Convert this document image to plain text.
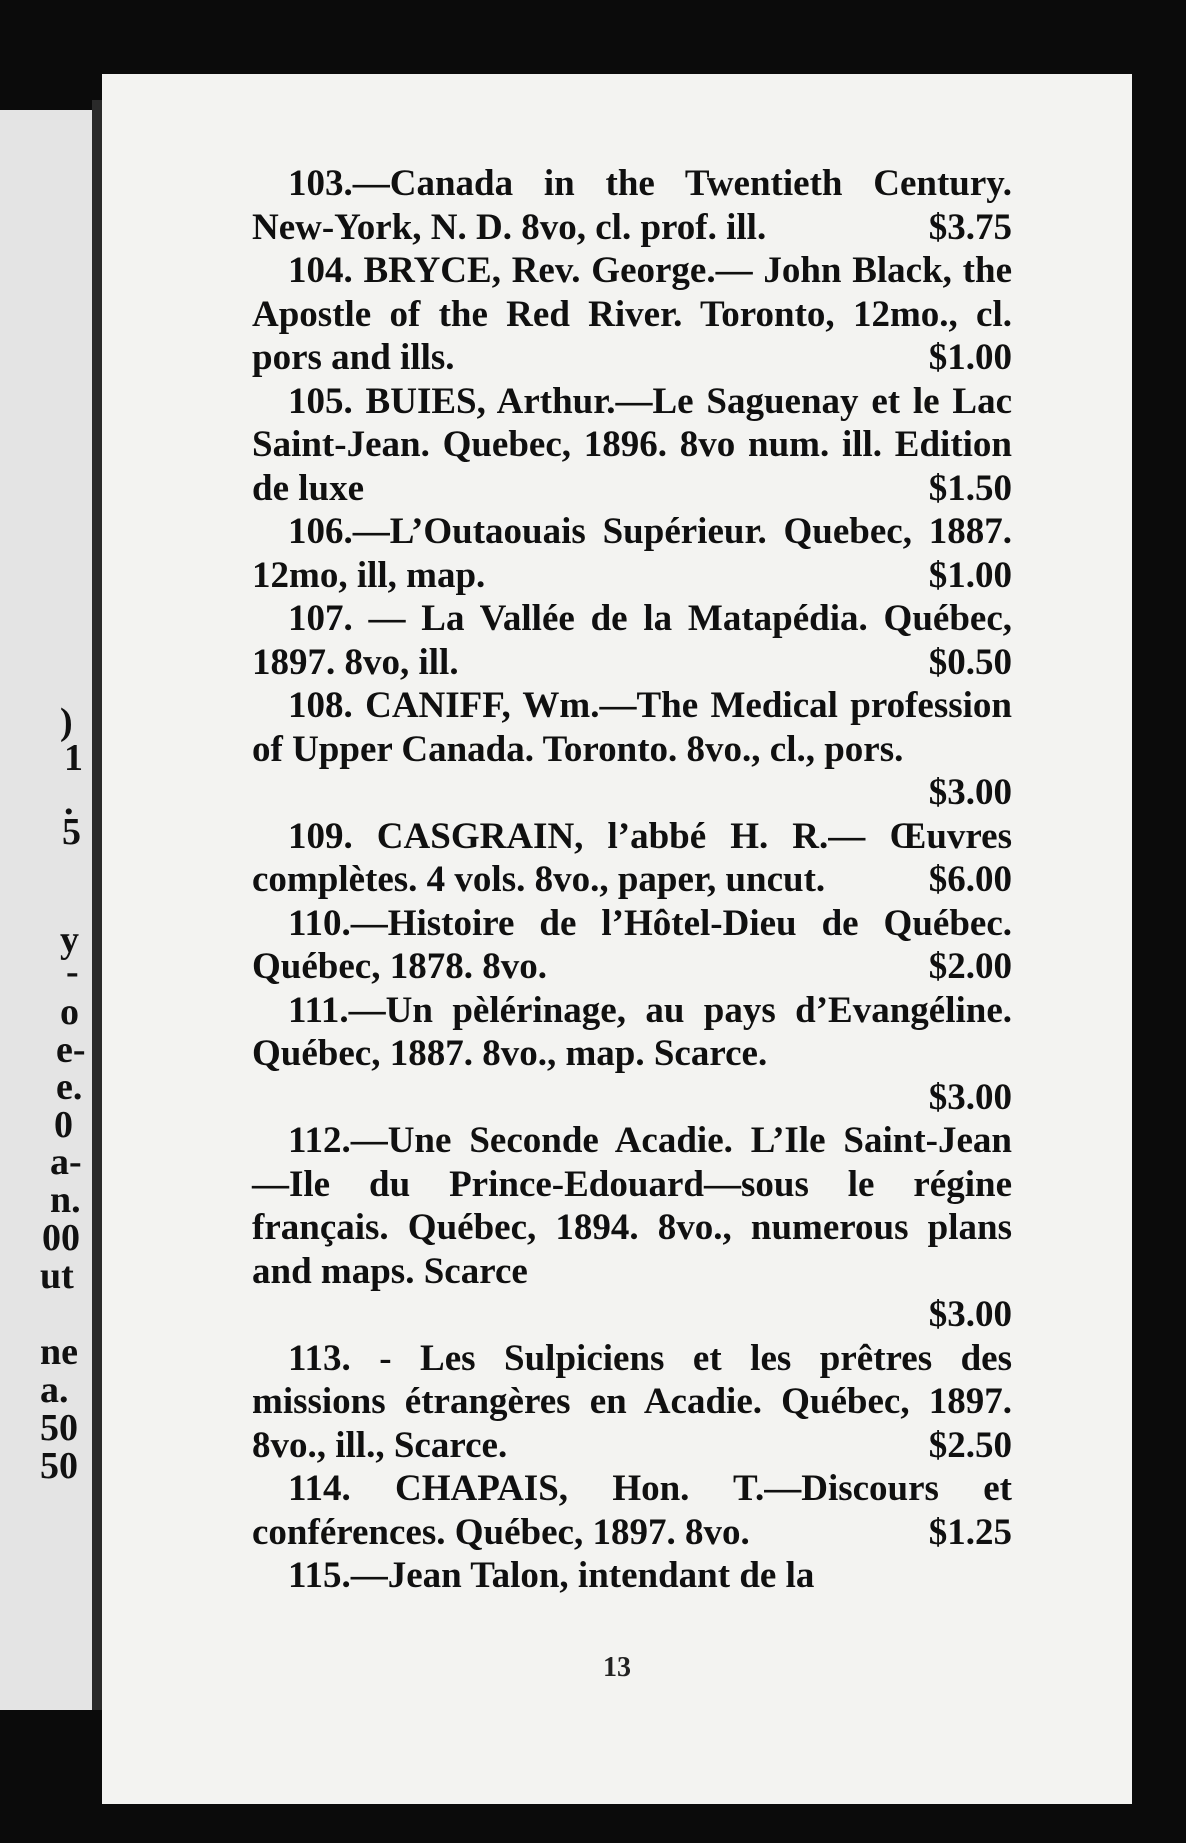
)
1
.
5
y
-
o
e-
e.
0
a-
n.
00
ut
ne
a.
50
50

103.—Canada in the Twentieth Century. New-York, N. D. 8vo, cl. prof. ill.	$3.75

104. BRYCE, Rev. George.— John Black, the Apostle of the Red River. Toronto, 12mo., cl. pors and ills.	$1.00

105. BUIES, Arthur.—Le Saguenay et le Lac Saint-Jean. Quebec, 1896. 8vo num. ill. Edition de luxe	$1.50

106.—L’Outaouais Supérieur. Quebec, 1887. 12mo, ill, map.	$1.00

107. — La Vallée de la Matapédia. Québec, 1897. 8vo, ill.	$0.50

108. CANIFF, Wm.—The Medical profession of Upper Canada. Toronto. 8vo., cl., pors.
$3.00

109. CASGRAIN, l’abbé H. R.— Œuvres complètes. 4 vols. 8vo., paper, uncut.	$6.00

110.—Histoire de l’Hôtel-Dieu de Québec. Québec, 1878. 8vo.	$2.00

111.—Un pèlérinage, au pays d’Evangéline. Québec, 1887. 8vo., map. Scarce.
$3.00

112.—Une Seconde Acadie. L’Ile Saint-Jean—Ile du Prince-Edouard—sous le régine français. Québec, 1894. 8vo., numerous plans and maps. Scarce
$3.00

113. - Les Sulpiciens et les prêtres des missions étrangères en Acadie. Québec, 1897. 8vo., ill., Scarce.	$2.50

114. CHAPAIS, Hon. T.—Discours et conférences. Québec, 1897. 8vo.	$1.25

115.—Jean Talon, intendant de la

13
